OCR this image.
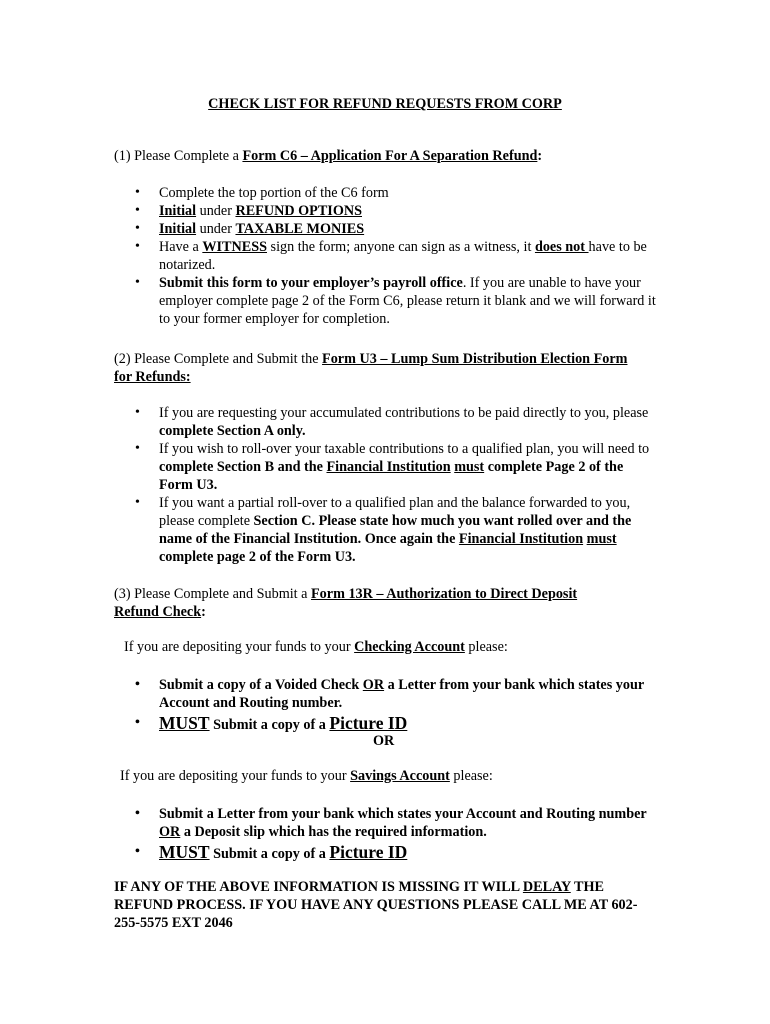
CHECK LIST FOR REFUND REQUESTS FROM CORP
(1) Please Complete a Form C6 – Application For A Separation Refund:
• Complete the top portion of the C6 form
• Initial under REFUND OPTIONS
• Initial under TAXABLE MONIES
• Have a WITNESS sign the form; anyone can sign as a witness, it does not have to be notarized.
• Submit this form to your employer’s payroll office. If you are unable to have your employer complete page 2 of the Form C6, please return it blank and we will forward it to your former employer for completion.
(2) Please Complete and Submit the Form U3 – Lump Sum Distribution Election Form for Refunds:
• If you are requesting your accumulated contributions to be paid directly to you, please complete Section A only.
• If you wish to roll-over your taxable contributions to a qualified plan, you will need to complete Section B and the Financial Institution must complete Page 2 of the Form U3.
• If you want a partial roll-over to a qualified plan and the balance forwarded to you, please complete Section C. Please state how much you want rolled over and the name of the Financial Institution. Once again the Financial Institution must complete page 2 of the Form U3.
(3) Please Complete and Submit a Form 13R – Authorization to Direct Deposit Refund Check:
If you are depositing your funds to your Checking Account please:
• Submit a copy of a Voided Check OR a Letter from your bank which states your Account and Routing number.
• MUST Submit a copy of a Picture ID
OR
If you are depositing your funds to your Savings Account please:
• Submit a Letter from your bank which states your Account and Routing number OR a Deposit slip which has the required information.
• MUST Submit a copy of a Picture ID
IF ANY OF THE ABOVE INFORMATION IS MISSING IT WILL DELAY THE REFUND PROCESS. IF YOU HAVE ANY QUESTIONS PLEASE CALL ME AT 602-255-5575 EXT 2046
